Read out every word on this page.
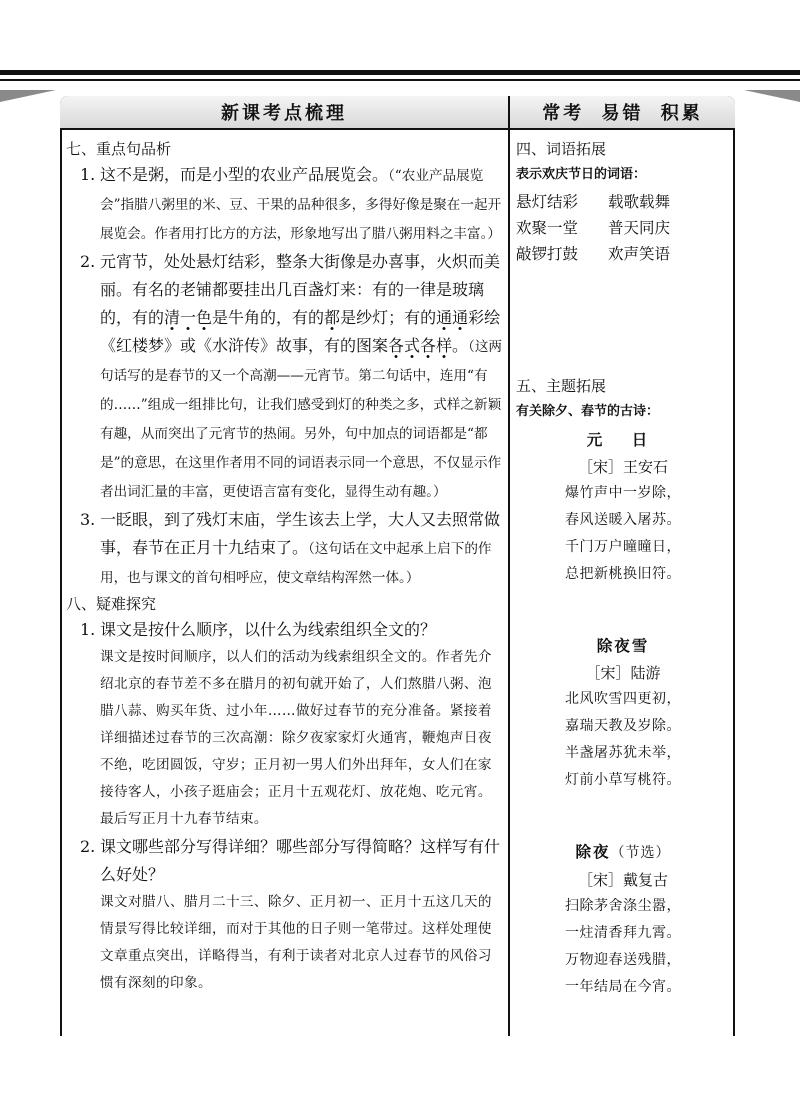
新课考点梳理	常考 易错 积累

七、重点句品析

1. 这不是粥，而是小型的农业产品展览会。（“农业产品展览会”指腊八粥里的米、豆、干果的品种很多，多得好像是聚在一起开展览会。作者用打比方的方法，形象地写出了腊八粥用料之丰富。）

2. 元宵节，处处悬灯结彩，整条大街像是办喜事，火炽而美丽。有名的老铺都要挂出几百盏灯来：有的一律是玻璃的，有的清一色是牛角的，有的都是纱灯；有的通通彩绘《红楼梦》或《水浒传》故事，有的图案各式各样。（这两句话写的是春节的又一个高潮——元宵节。第二句话中，连用“有的……”组成一组排比句，让我们感受到灯的种类之多，式样之新颖有趣，从而突出了元宵节的热闹。另外，句中加点的词语都是“都是”的意思，在这里作者用不同的词语表示同一个意思，不仅显示作者出词汇量的丰富，更使语言富有变化，显得生动有趣。）

3. 一眨眼，到了残灯末庙，学生该去上学，大人又去照常做事，春节在正月十九结束了。（这句话在文中起承上启下的作用，也与课文的首句相呼应，使文章结构浑然一体。）

八、疑难探究

1. 课文是按什么顺序，以什么为线索组织全文的？

课文是按时间顺序，以人们的活动为线索组织全文的。作者先介绍北京的春节差不多在腊月的初旬就开始了，人们熬腊八粥、泡腊八蒜、购买年货、过小年……做好过春节的充分准备。紧接着详细描述过春节的三次高潮：除夕夜家家灯火通宵，鞭炮声日夜不绝，吃团圆饭，守岁；正月初一男人们外出拜年，女人们在家接待客人，小孩子逛庙会；正月十五观花灯、放花炮、吃元宵。最后写正月十九春节结束。

2. 课文哪些部分写得详细？哪些部分写得简略？这样写有什么好处？

课文对腊八、腊月二十三、除夕、正月初一、正月十五这几天的情景写得比较详细，而对于其他的日子则一笔带过。这样处理使文章重点突出，详略得当，有利于读者对北京人过春节的风俗习惯有深刻的印象。

四、词语拓展

表示欢庆节日的词语：

悬灯结彩	载歌载舞
欢聚一堂	普天同庆
敲锣打鼓	欢声笑语

五、主题拓展

有关除夕、春节的古诗：

元 日
［宋］王安石
爆竹声中一岁除，
春风送暖入屠苏。
千门万户曈曈日，
总把新桃换旧符。
除夜雪
［宋］陆游
北风吹雪四更初，
嘉瑞天教及岁除。
半盏屠苏犹未举，
灯前小草写桃符。
除夜（节选）
［宋］戴复古
扫除茅舍涤尘嚣，
一炷清香拜九霄。
万物迎春送残腊，
一年结局在今宵。
